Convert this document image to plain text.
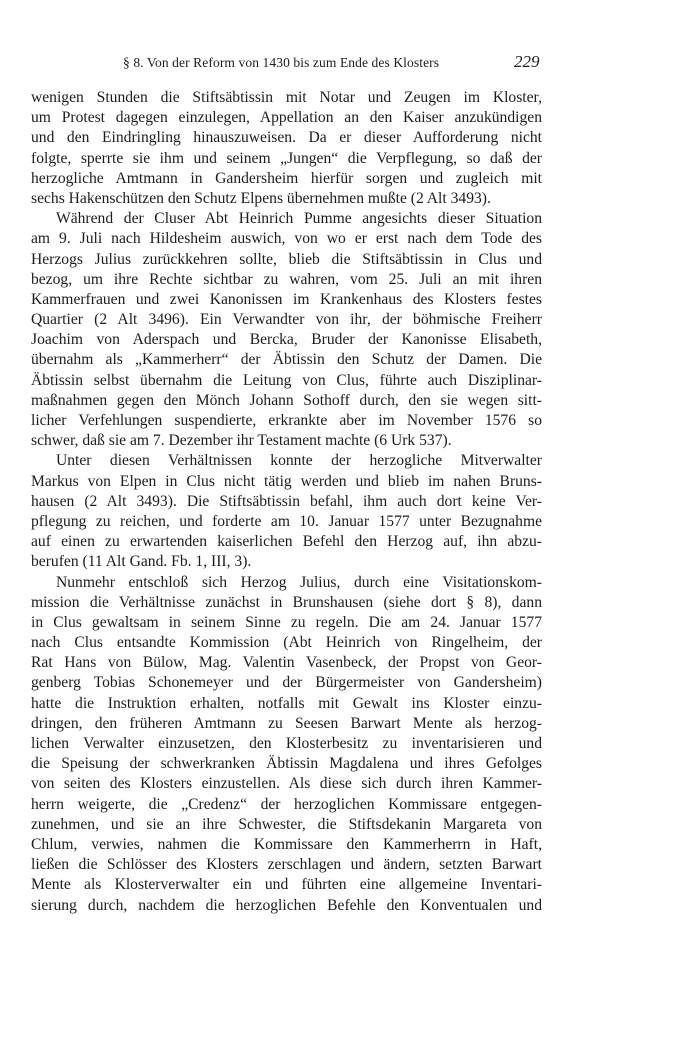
§ 8. Von der Reform von 1430 bis zum Ende des Klosters	229
wenigen Stunden die Stiftsäbtissin mit Notar und Zeugen im Kloster,
um Protest dagegen einzulegen, Appellation an den Kaiser anzukündigen
und den Eindringling hinauszuweisen. Da er dieser Aufforderung nicht
folgte, sperrte sie ihm und seinem „Jungen“ die Verpflegung, so daß der
herzogliche Amtmann in Gandersheim hierfür sorgen und zugleich mit
sechs Hakenschützen den Schutz Elpens übernehmen mußte (2 Alt 3493).
Während der Cluser Abt Heinrich Pumme angesichts dieser Situation
am 9. Juli nach Hildesheim auswich, von wo er erst nach dem Tode des
Herzogs Julius zurückkehren sollte, blieb die Stiftsäbtissin in Clus und
bezog, um ihre Rechte sichtbar zu wahren, vom 25. Juli an mit ihren
Kammerfrauen und zwei Kanonissen im Krankenhaus des Klosters festes
Quartier (2 Alt 3496). Ein Verwandter von ihr, der böhmische Freiherr
Joachim von Aderspach und Bercka, Bruder der Kanonisse Elisabeth,
übernahm als „Kammerherr“ der Äbtissin den Schutz der Damen. Die
Äbtissin selbst übernahm die Leitung von Clus, führte auch Disziplinar-
maßnahmen gegen den Mönch Johann Sothoff durch, den sie wegen sitt-
licher Verfehlungen suspendierte, erkrankte aber im November 1576 so
schwer, daß sie am 7. Dezember ihr Testament machte (6 Urk 537).
Unter diesen Verhältnissen konnte der herzogliche Mitverwalter
Markus von Elpen in Clus nicht tätig werden und blieb im nahen Bruns-
hausen (2 Alt 3493). Die Stiftsäbtissin befahl, ihm auch dort keine Ver-
pflegung zu reichen, und forderte am 10. Januar 1577 unter Bezugnahme
auf einen zu erwartenden kaiserlichen Befehl den Herzog auf, ihn abzu-
berufen (11 Alt Gand. Fb. 1, III, 3).
Nunmehr entschloß sich Herzog Julius, durch eine Visitationskom-
mission die Verhältnisse zunächst in Brunshausen (siehe dort § 8), dann
in Clus gewaltsam in seinem Sinne zu regeln. Die am 24. Januar 1577
nach Clus entsandte Kommission (Abt Heinrich von Ringelheim, der
Rat Hans von Bülow, Mag. Valentin Vasenbeck, der Propst von Geor-
genberg Tobias Schonemeyer und der Bürgermeister von Gandersheim)
hatte die Instruktion erhalten, notfalls mit Gewalt ins Kloster einzu-
dringen, den früheren Amtmann zu Seesen Barwart Mente als herzog-
lichen Verwalter einzusetzen, den Klosterbesitz zu inventarisieren und
die Speisung der schwerkranken Äbtissin Magdalena und ihres Gefolges
von seiten des Klosters einzustellen. Als diese sich durch ihren Kammer-
herrn weigerte, die „Credenz“ der herzoglichen Kommissare entgegen-
zunehmen, und sie an ihre Schwester, die Stiftsdekanin Margareta von
Chlum, verwies, nahmen die Kommissare den Kammerherrn in Haft,
ließen die Schlösser des Klosters zerschlagen und ändern, setzten Barwart
Mente als Klosterverwalter ein und führten eine allgemeine Inventari-
sierung durch, nachdem die herzoglichen Befehle den Konventualen und
